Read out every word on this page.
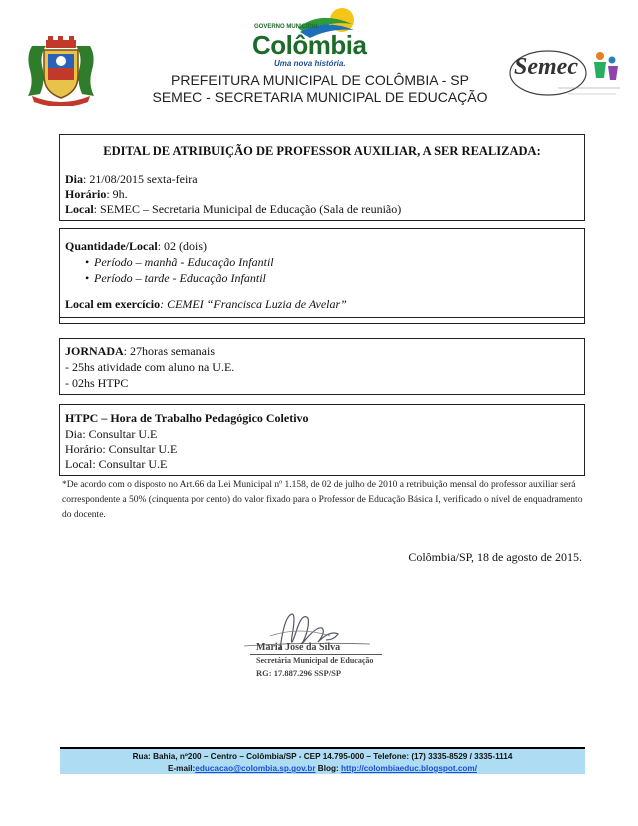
GOVERNO MUNICIPAL
Colômbia
Uma nova história.
PREFEITURA MUNICIPAL DE COLÔMBIA - SP
SEMEC - SECRETARIA MUNICIPAL DE EDUCAÇÃO
Semec
EDITAL DE ATRIBUIÇÃO DE PROFESSOR AUXILIAR, A SER REALIZADA:
Dia: 21/08/2015 sexta-feira
Horário: 9h.
Local: SEMEC – Secretaria Municipal de Educação (Sala de reunião)
Quantidade/Local: 02 (dois)
• Período – manhã - Educação Infantil
• Período – tarde - Educação Infantil
Local em exercício: CEMEI “Francisca Luzia de Avelar”
JORNADA: 27horas semanais
- 25hs atividade com aluno na U.E.
- 02hs HTPC
HTPC – Hora de Trabalho Pedagógico Coletivo
Dia: Consultar U.E
Horário: Consultar U.E
Local: Consultar U.E
*De acordo com o disposto no Art.66 da Lei Municipal nº 1.158, de 02 de julho de 2010 a retribuição mensal do professor auxiliar será correspondente a 50% (cinquenta por cento) do valor fixado para o Professor de Educação Básica I, verificado o nível de enquadramento do docente.
Colômbia/SP, 18 de agosto de 2015.
Maria José da Silva
Secretária Municipal de Educação
RG: 17.887.296 SSP/SP
Rua: Bahia, nº200 – Centro – Colômbia/SP - CEP 14.795-000 – Telefone: (17) 3335-8529 / 3335-1114
E-mail:educacao@colombia.sp.gov.br Blog: http://colombiaeduc.blogspot.com/
